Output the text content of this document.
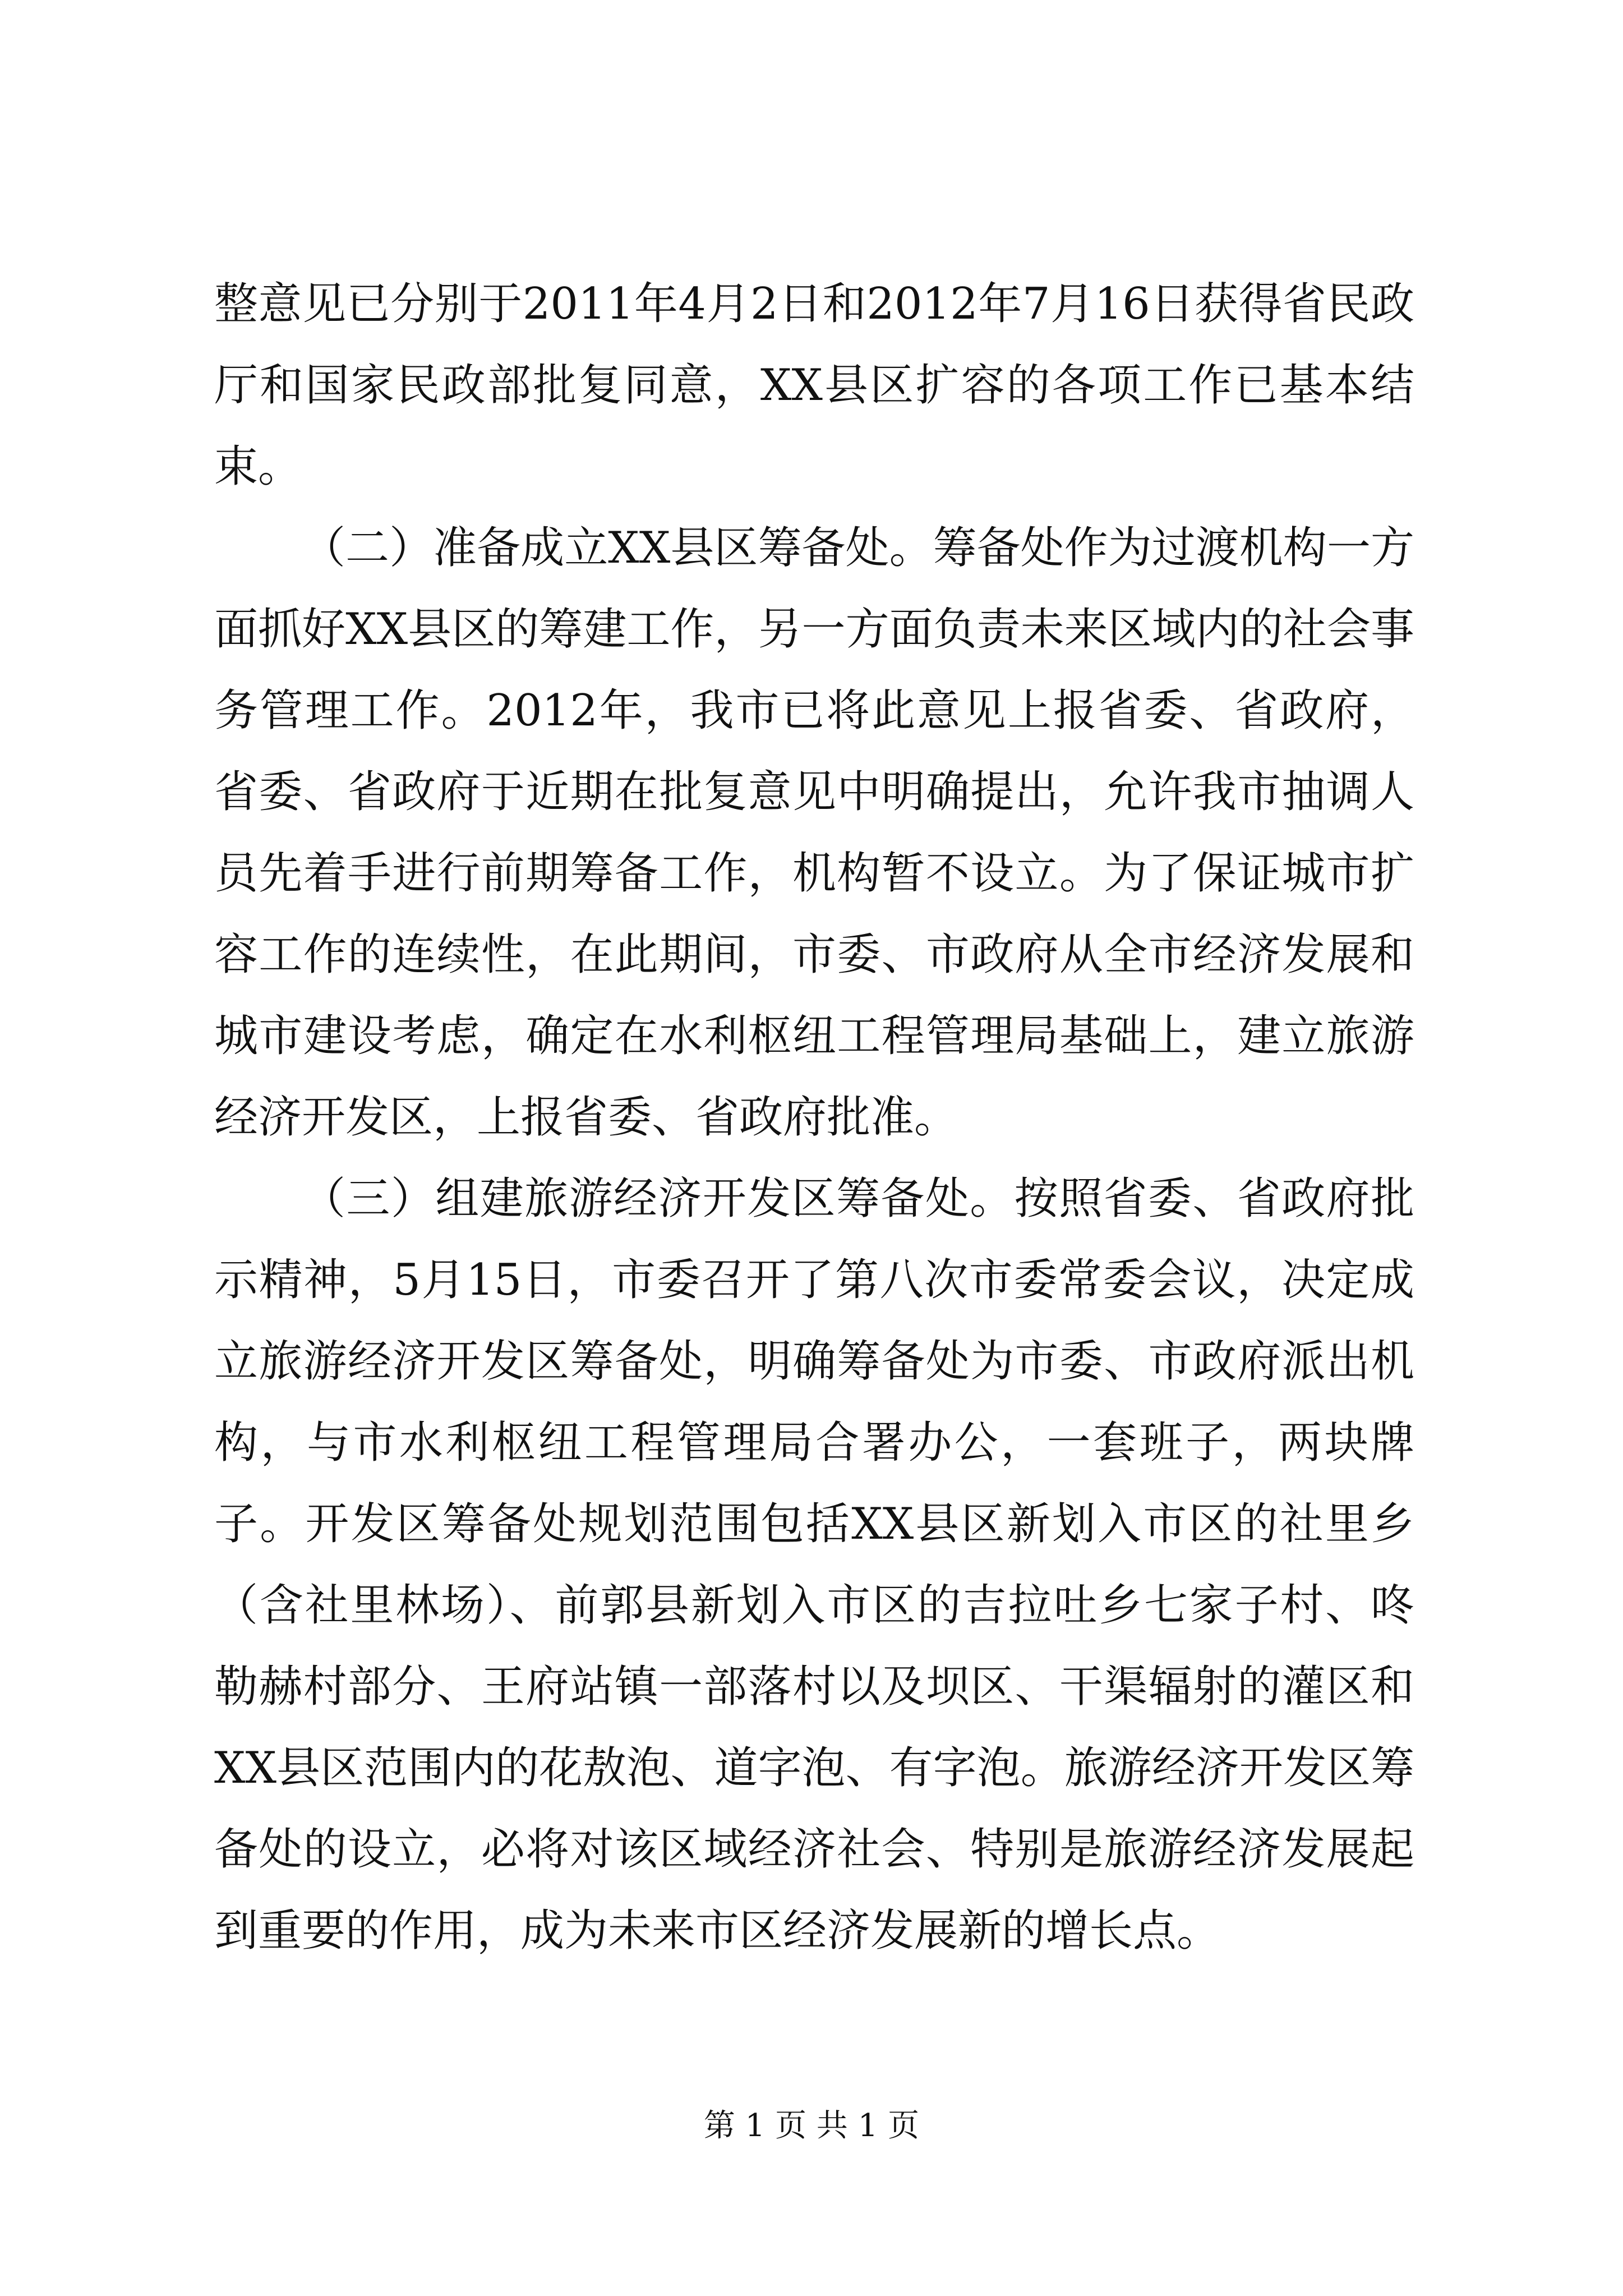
整意见已分别于2011年4月2日和2012年7月16日获得省民政厅和国家民政部批复同意，XX县区扩容的各项工作已基本结束。

（二）准备成立XX县区筹备处。筹备处作为过渡机构一方面抓好XX县区的筹建工作，另一方面负责未来区域内的社会事务管理工作。2012年，我市已将此意见上报省委、省政府，省委、省政府于近期在批复意见中明确提出，允许我市抽调人员先着手进行前期筹备工作，机构暂不设立。为了保证城市扩容工作的连续性，在此期间，市委、市政府从全市经济发展和城市建设考虑，确定在水利枢纽工程管理局基础上，建立旅游经济开发区，上报省委、省政府批准。

（三）组建旅游经济开发区筹备处。按照省委、省政府批示精神，5月15日，市委召开了第八次市委常委会议，决定成立旅游经济开发区筹备处，明确筹备处为市委、市政府派出机构，与市水利枢纽工程管理局合署办公，一套班子，两块牌子。开发区筹备处规划范围包括XX县区新划入市区的社里乡（含社里林场）、前郭县新划入市区的吉拉吐乡七家子村、咚勒赫村部分、王府站镇一部落村以及坝区、干渠辐射的灌区和XX县区范围内的花敖泡、道字泡、有字泡。旅游经济开发区筹备处的设立，必将对该区域经济社会、特别是旅游经济发展起到重要的作用，成为未来市区经济发展新的增长点。

第 1 页 共 1 页
